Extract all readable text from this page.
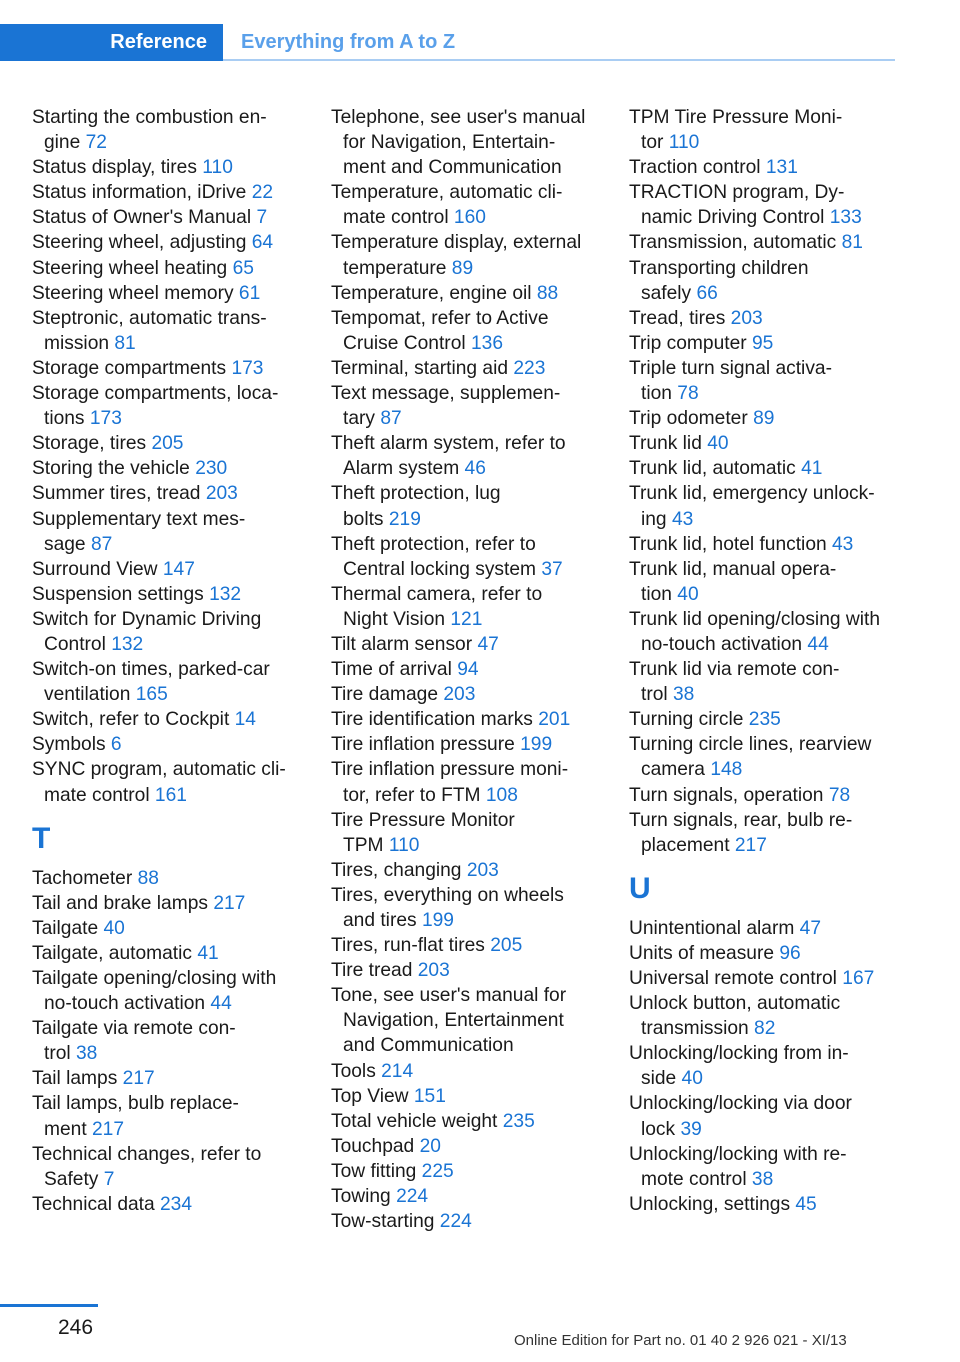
Reference	Everything from A to Z
Starting the combustion en-
gine 72
Status display, tires 110
Status information, iDrive 22
Status of Owner's Manual 7
Steering wheel, adjusting 64
Steering wheel heating 65
Steering wheel memory 61
Steptronic, automatic trans-
mission 81
Storage compartments 173
Storage compartments, loca-
tions 173
Storage, tires 205
Storing the vehicle 230
Summer tires, tread 203
Supplementary text mes-
sage 87
Surround View 147
Suspension settings 132
Switch for Dynamic Driving
Control 132
Switch-on times, parked-car
ventilation 165
Switch, refer to Cockpit 14
Symbols 6
SYNC program, automatic cli-
mate control 161
T
Tachometer 88
Tail and brake lamps 217
Tailgate 40
Tailgate, automatic 41
Tailgate opening/closing with
no-touch activation 44
Tailgate via remote con-
trol 38
Tail lamps 217
Tail lamps, bulb replace-
ment 217
Technical changes, refer to
Safety 7
Technical data 234
Telephone, see user's manual
for Navigation, Entertain-
ment and Communication
Temperature, automatic cli-
mate control 160
Temperature display, external
temperature 89
Temperature, engine oil 88
Tempomat, refer to Active
Cruise Control 136
Terminal, starting aid 223
Text message, supplemen-
tary 87
Theft alarm system, refer to
Alarm system 46
Theft protection, lug
bolts 219
Theft protection, refer to
Central locking system 37
Thermal camera, refer to
Night Vision 121
Tilt alarm sensor 47
Time of arrival 94
Tire damage 203
Tire identification marks 201
Tire inflation pressure 199
Tire inflation pressure moni-
tor, refer to FTM 108
Tire Pressure Monitor
TPM 110
Tires, changing 203
Tires, everything on wheels
and tires 199
Tires, run-flat tires 205
Tire tread 203
Tone, see user's manual for
Navigation, Entertainment
and Communication
Tools 214
Top View 151
Total vehicle weight 235
Touchpad 20
Tow fitting 225
Towing 224
Tow-starting 224
TPM Tire Pressure Moni-
tor 110
Traction control 131
TRACTION program, Dy-
namic Driving Control 133
Transmission, automatic 81
Transporting children
safely 66
Tread, tires 203
Trip computer 95
Triple turn signal activa-
tion 78
Trip odometer 89
Trunk lid 40
Trunk lid, automatic 41
Trunk lid, emergency unlock-
ing 43
Trunk lid, hotel function 43
Trunk lid, manual opera-
tion 40
Trunk lid opening/closing with
no-touch activation 44
Trunk lid via remote con-
trol 38
Turning circle 235
Turning circle lines, rearview
camera 148
Turn signals, operation 78
Turn signals, rear, bulb re-
placement 217
U
Unintentional alarm 47
Units of measure 96
Universal remote control 167
Unlock button, automatic
transmission 82
Unlocking/locking from in-
side 40
Unlocking/locking via door
lock 39
Unlocking/locking with re-
mote control 38
Unlocking, settings 45
246
Online Edition for Part no. 01 40 2 926 021 - XI/13
